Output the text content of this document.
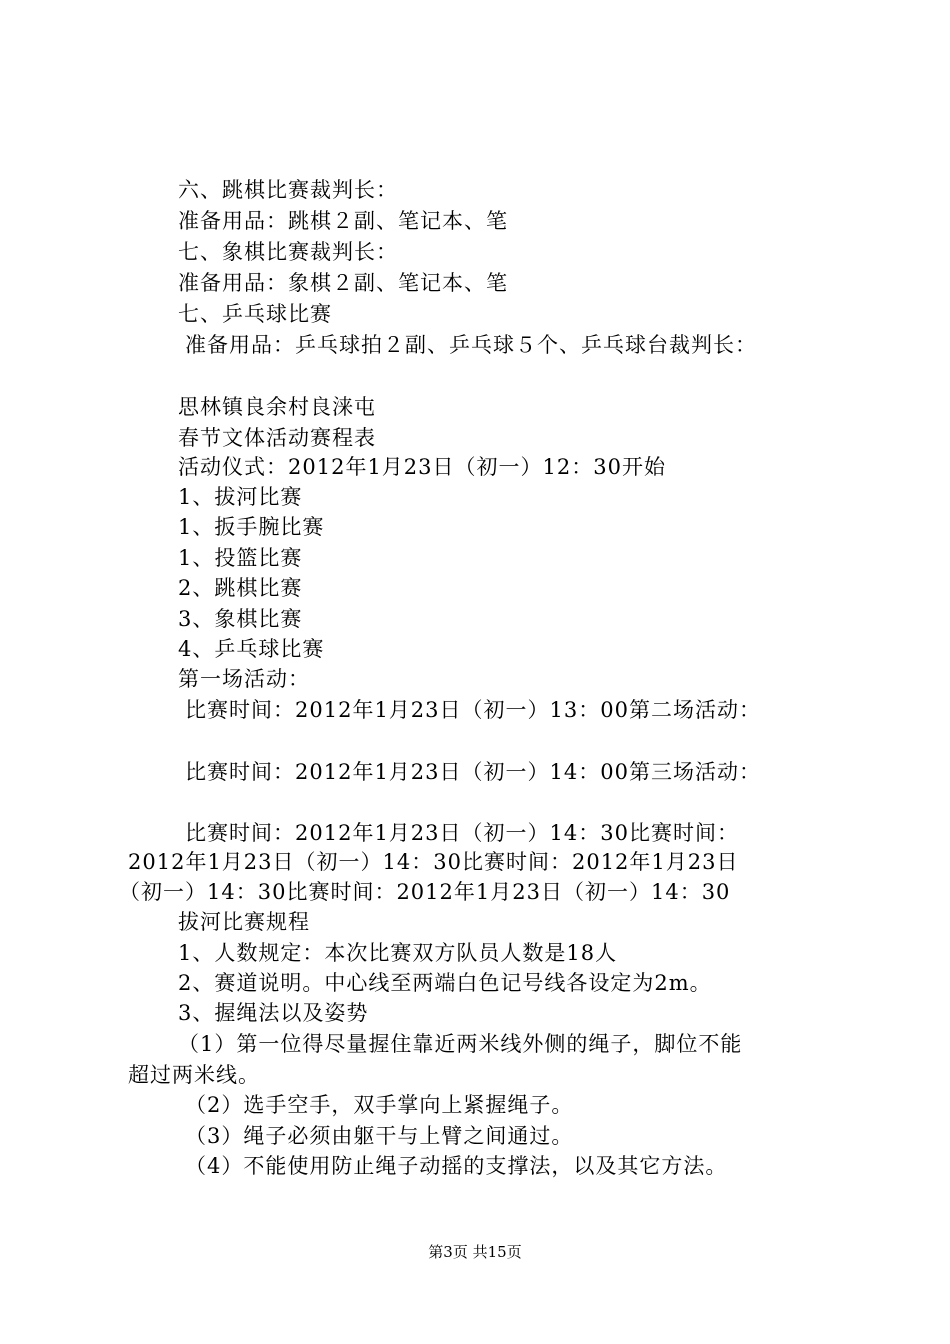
六、跳棋比赛裁判长：
准备用品：跳棋２副、笔记本、笔
七、象棋比赛裁判长：
准备用品：象棋２副、笔记本、笔
七、乒乓球比赛
准备用品：乒乓球拍２副、乒乓球５个、乒乓球台裁判长：
思林镇良余村良涞屯
春节文体活动赛程表
活动仪式：2012年1月23日（初一）12：30开始
1、拔河比赛
1、扳手腕比赛
1、投篮比赛
2、跳棋比赛
3、象棋比赛
4、乒乓球比赛
第一场活动：
比赛时间：2012年1月23日（初一）13：00第二场活动：
比赛时间：2012年1月23日（初一）14：00第三场活动：
比赛时间：2012年1月23日（初一）14：30比赛时间：
2012年1月23日（初一）14：30比赛时间：2012年1月23日
（初一）14：30比赛时间：2012年1月23日（初一）14：30
拔河比赛规程
1、人数规定：本次比赛双方队员人数是18人
2、赛道说明。中心线至两端白色记号线各设定为2m。
3、握绳法以及姿势
（1）第一位得尽量握住靠近两米线外侧的绳子，脚位不能
超过两米线。
（2）选手空手，双手掌向上紧握绳子。
（3）绳子必须由躯干与上臂之间通过。
（4）不能使用防止绳子动摇的支撑法，以及其它方法。
第3页 共15页
